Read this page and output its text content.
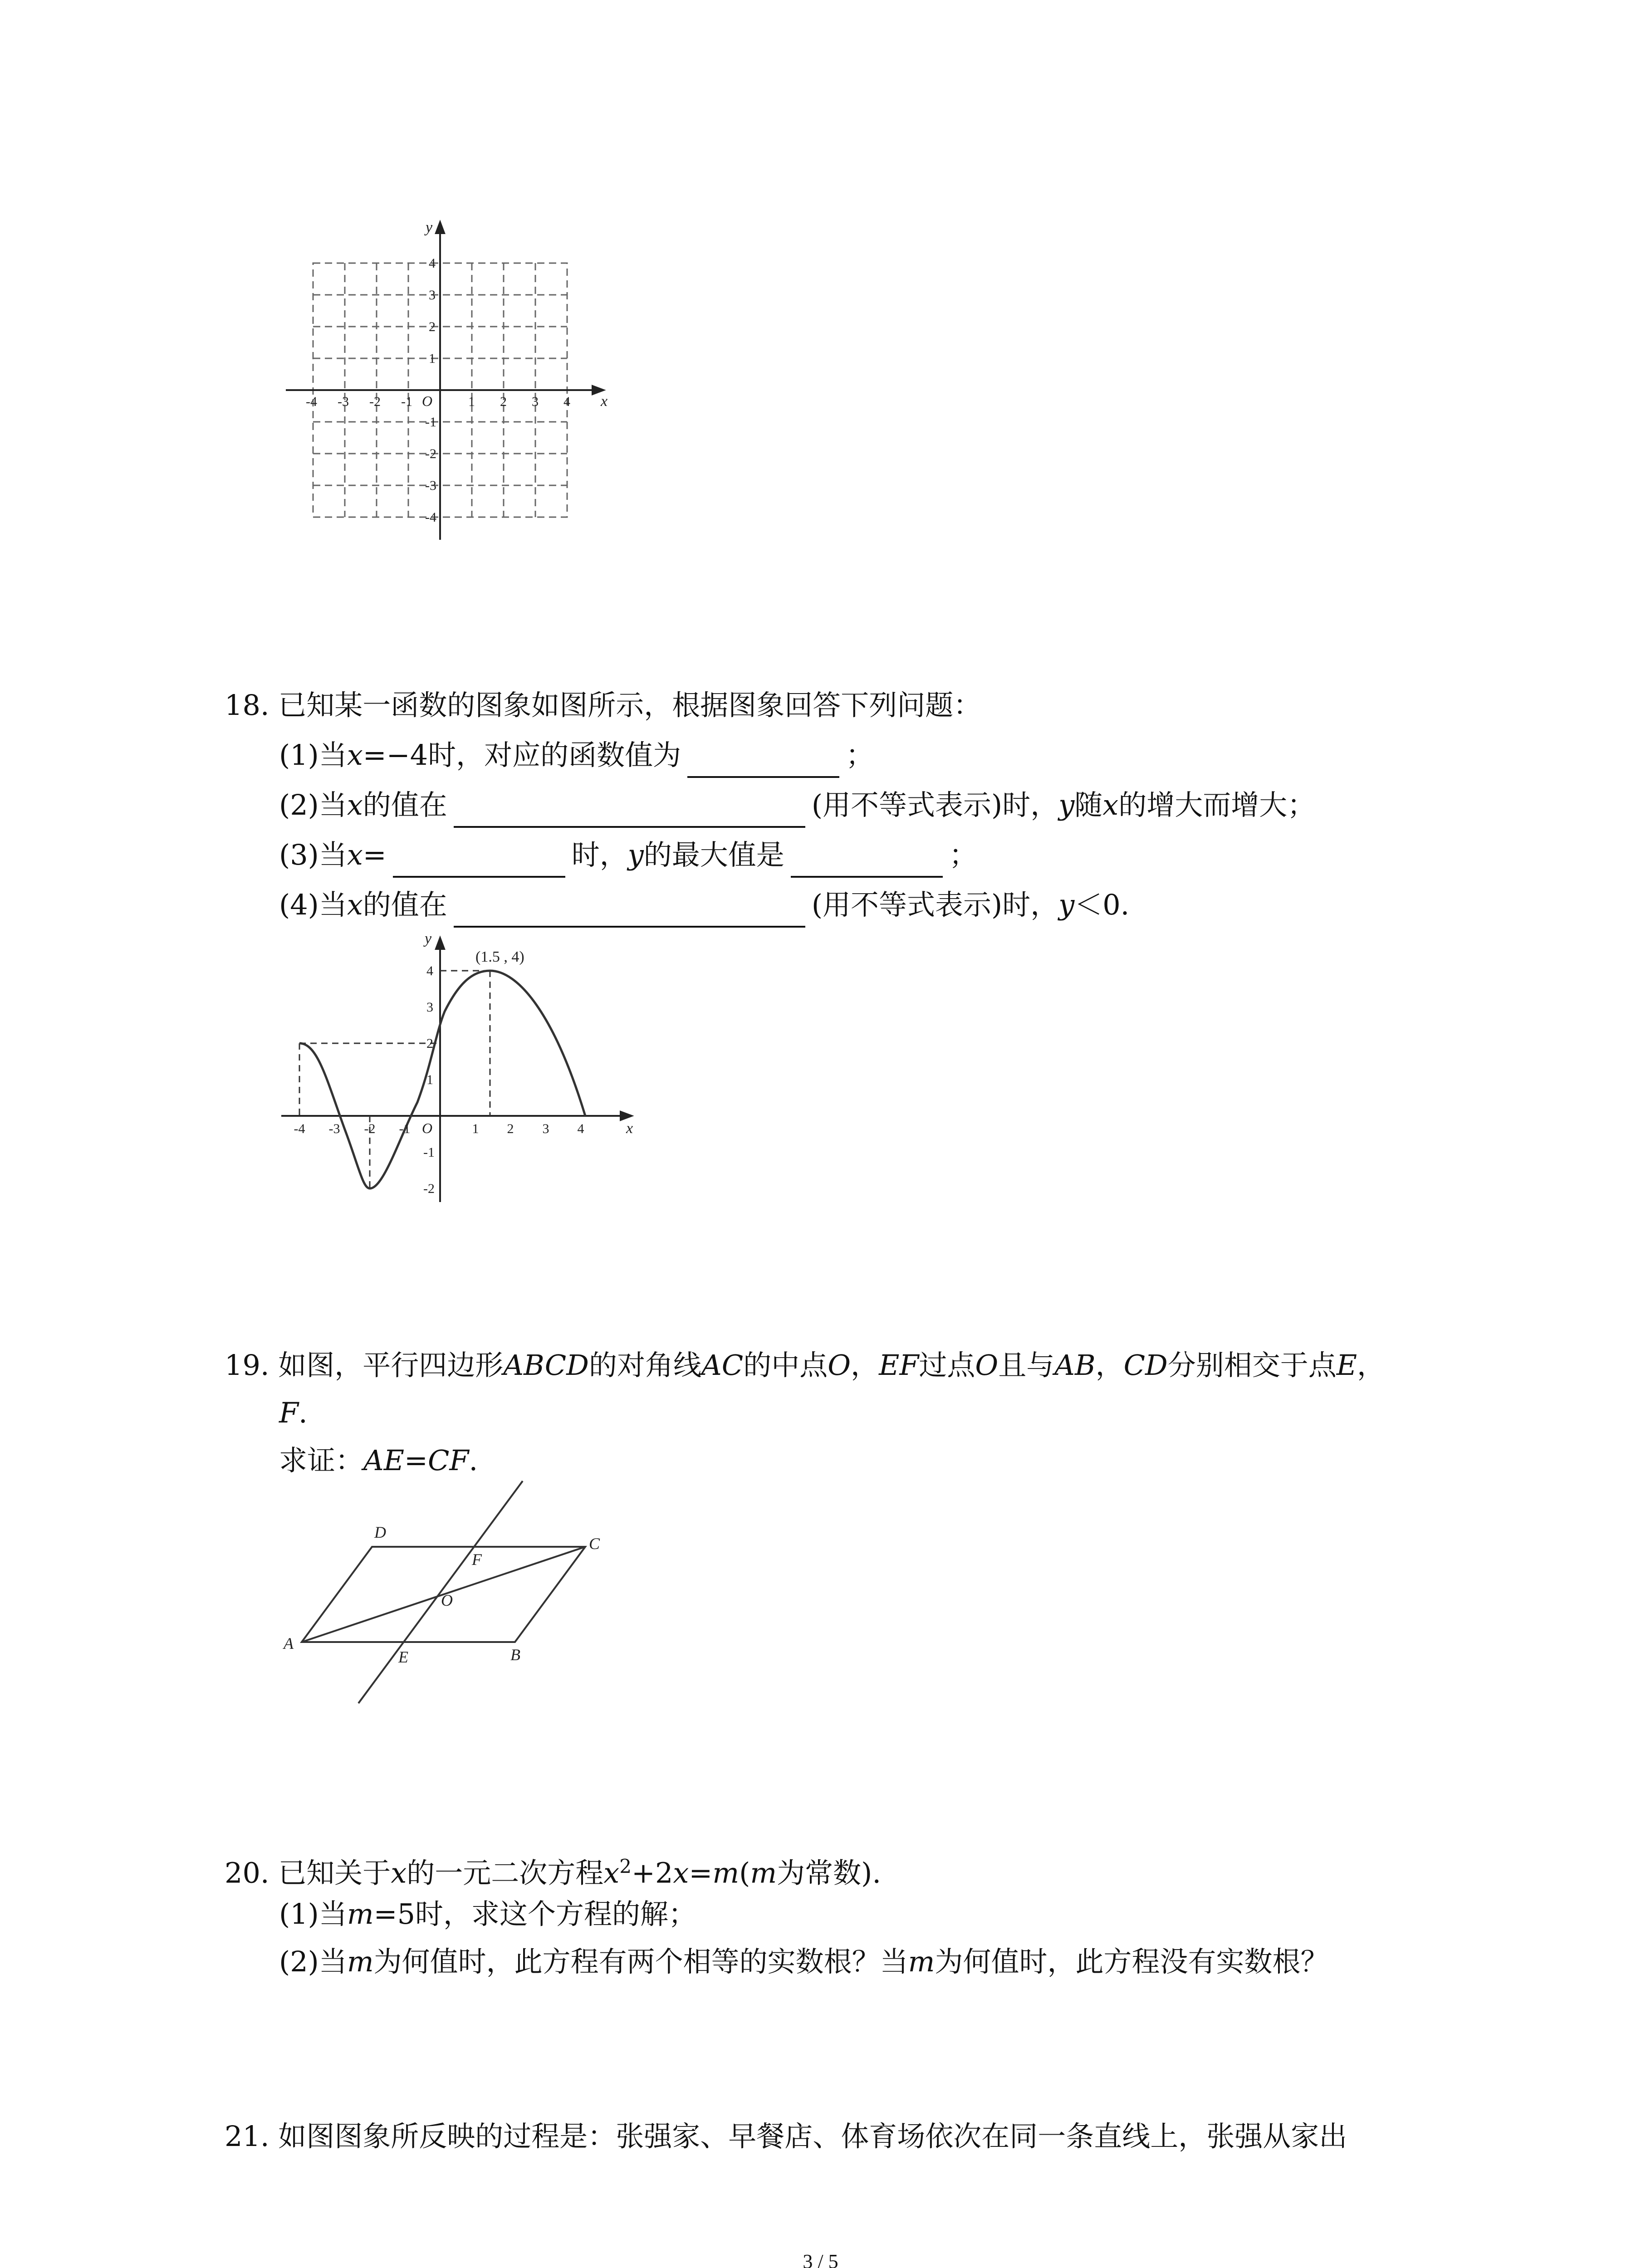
x
y
O
-4 -3 -2 -1	1 2 3 4
4
3
2
1
-1
-2
-3
-4
18. 已知某一函数的图象如图所示，根据图象回答下列问题：
(1)当x=−4时，对应的函数值为	；
(2)当x的值在	(用不等式表示)时，y随x的增大而增大；
(3)当x=	时，y的最大值是	；
(4)当x的值在	(用不等式表示)时，y＜0.
(1.5 , 4)
x
y
O
-4 -3 -2 -1	1 2 3 4
4
3
2
1
-1
-2
19. 如图，平行四边形ABCD的对角线AC的中点O，EF过点O且与AB，CD分别相交于点E，
F.
求证：AE=CF.
A
B
C
D
E
F
O
20. 已知关于x的一元二次方程$x^2+2x=m(m$为常数).
(1)当m=5时，求这个方程的解；
(2)当m为何值时，此方程有两个相等的实数根？当m为何值时，此方程没有实数根？
21. 如图图象所反映的过程是：张强家、早餐店、体育场依次在同一条直线上，张强从家出
3 / 5
